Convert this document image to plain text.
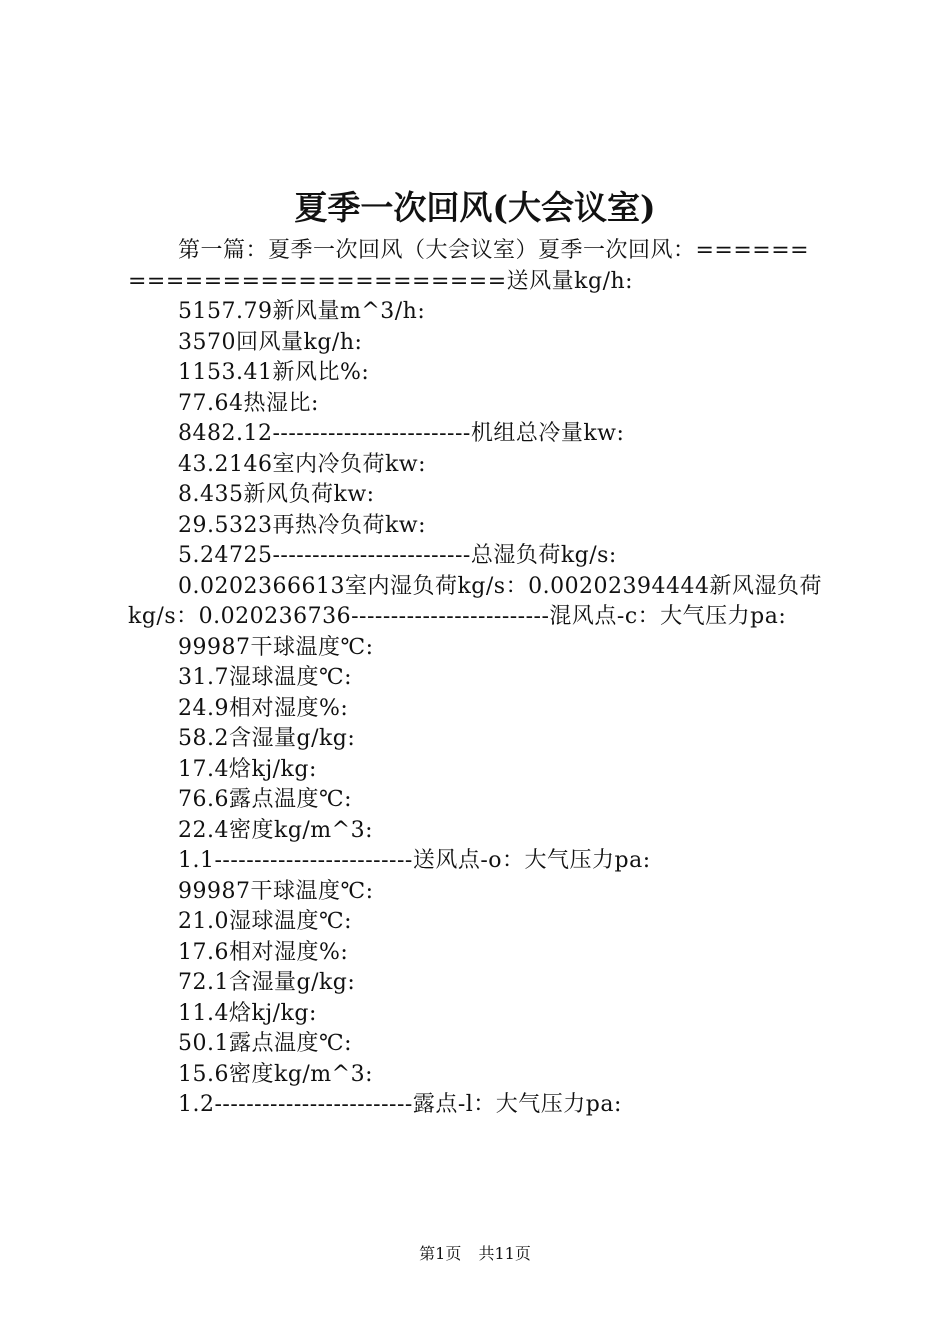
夏季一次回风(大会议室)

第一篇：夏季一次回风（大会议室）夏季一次回风：==========================送风量kg/h:

5157.79新风量m^3/h:

3570回风量kg/h:

1153.41新风比%:

77.64热湿比:

8482.12-------------------------机组总冷量kw:

43.2146室内冷负荷kw:

8.435新风负荷kw:

29.5323再热冷负荷kw:

5.24725-------------------------总湿负荷kg/s:

0.0202366613室内湿负荷kg/s：0.00202394444新风湿负荷kg/s：0.020236736-------------------------混风点-c：大气压力pa:

99987干球温度℃:

31.7湿球温度℃:

24.9相对湿度%:

58.2含湿量g/kg:

17.4焓kj/kg:

76.6露点温度℃:

22.4密度kg/m^3:

1.1-------------------------送风点-o：大气压力pa:

99987干球温度℃:

21.0湿球温度℃:

17.6相对湿度%:

72.1含湿量g/kg:

11.4焓kj/kg:

50.1露点温度℃:

15.6密度kg/m^3:

1.2-------------------------露点-l：大气压力pa:

第1页 共11页
